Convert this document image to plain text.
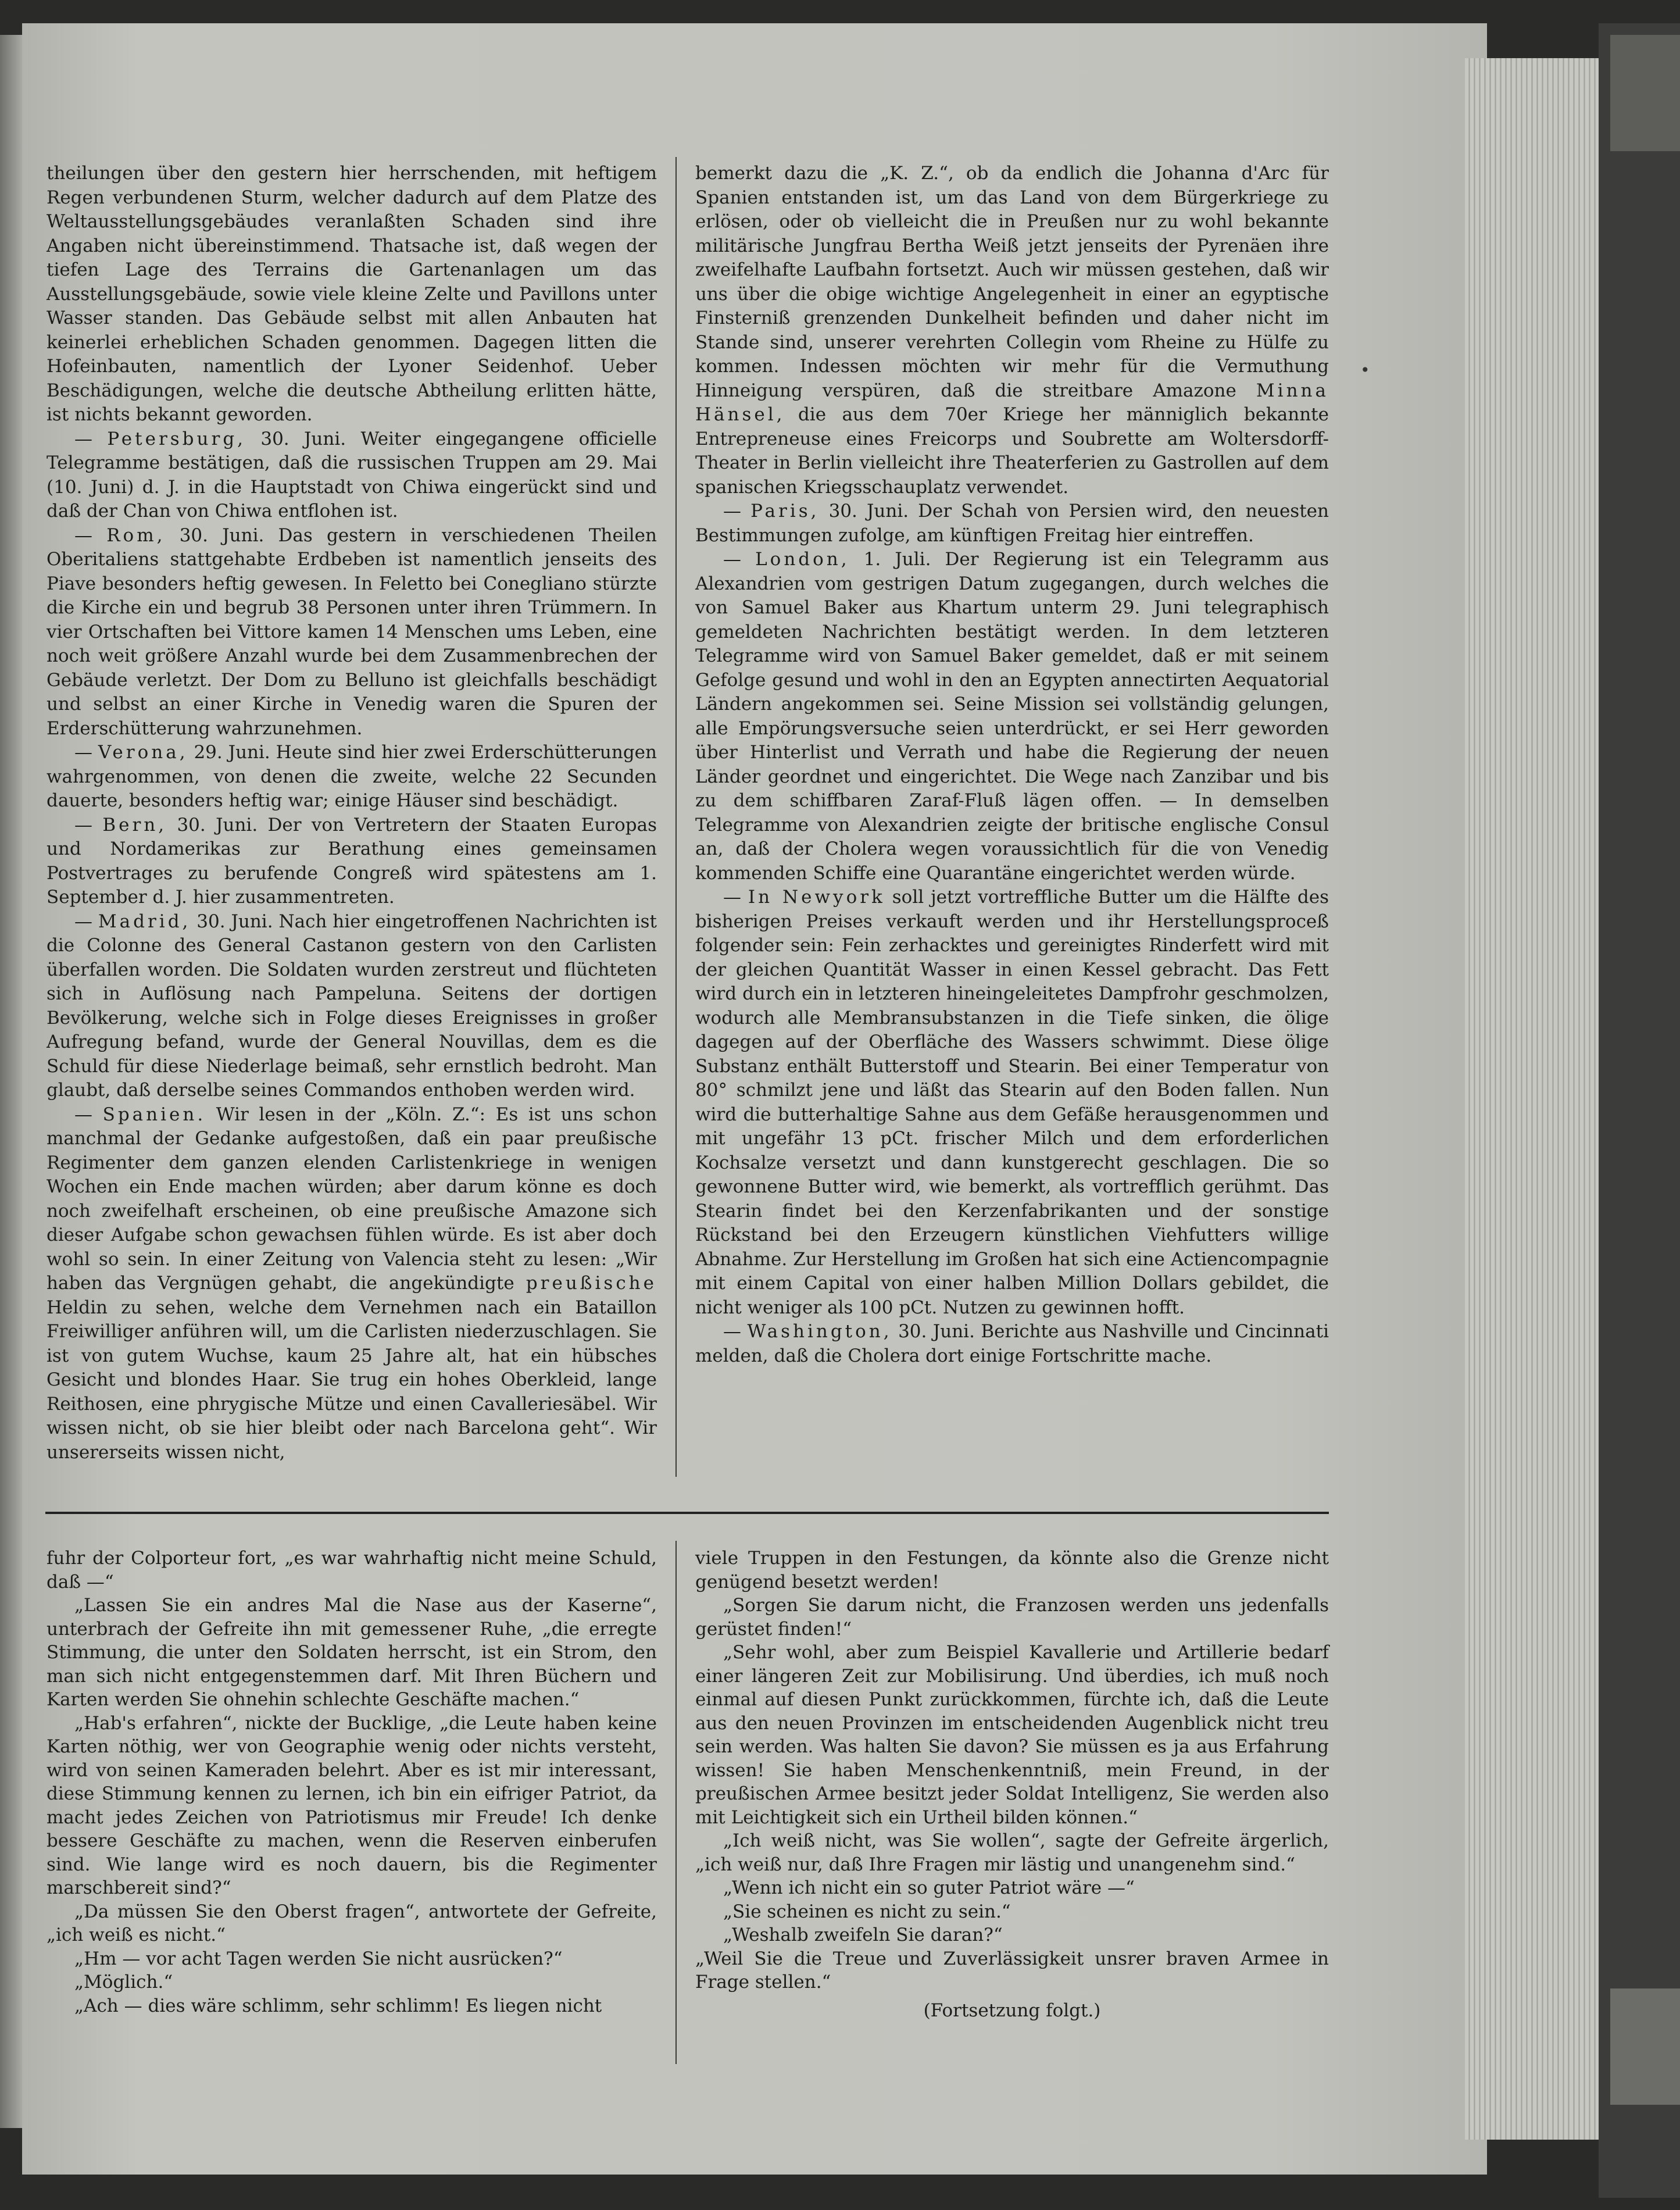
theilungen über den gestern hier herrschenden, mit heftigem Regen verbundenen Sturm, welcher dadurch auf dem Platze des Weltausstellungsgebäudes veranlaßten Schaden sind ihre Angaben nicht übereinstimmend. Thatsache ist, daß wegen der tiefen Lage des Terrains die Gartenanlagen um das Ausstellungsgebäude, sowie viele kleine Zelte und Pavillons unter Wasser standen. Das Gebäude selbst mit allen Anbauten hat keinerlei erheblichen Schaden genommen. Dagegen litten die Hofeinbauten, namentlich der Lyoner Seidenhof. Ueber Beschädigungen, welche die deutsche Abtheilung erlitten hätte, ist nichts bekannt geworden.

— Petersburg, 30. Juni. Weiter eingegangene officielle Telegramme bestätigen, daß die russischen Truppen am 29. Mai (10. Juni) d. J. in die Hauptstadt von Chiwa eingerückt sind und daß der Chan von Chiwa entflohen ist.

— Rom, 30. Juni. Das gestern in verschiedenen Theilen Oberitaliens stattgehabte Erdbeben ist namentlich jenseits des Piave besonders heftig gewesen. In Feletto bei Conegliano stürzte die Kirche ein und begrub 38 Personen unter ihren Trümmern. In vier Ortschaften bei Vittore kamen 14 Menschen ums Leben, eine noch weit größere Anzahl wurde bei dem Zusammenbrechen der Gebäude verletzt. Der Dom zu Belluno ist gleichfalls beschädigt und selbst an einer Kirche in Venedig waren die Spuren der Erderschütterung wahrzunehmen.

— Verona, 29. Juni. Heute sind hier zwei Erderschütterungen wahrgenommen, von denen die zweite, welche 22 Secunden dauerte, besonders heftig war; einige Häuser sind beschädigt.

— Bern, 30. Juni. Der von Vertretern der Staaten Europas und Nordamerikas zur Berathung eines gemeinsamen Postvertrages zu berufende Congreß wird spätestens am 1. September d. J. hier zusammentreten.

— Madrid, 30. Juni. Nach hier eingetroffenen Nachrichten ist die Colonne des General Castanon gestern von den Carlisten überfallen worden. Die Soldaten wurden zerstreut und flüchteten sich in Auflösung nach Pampeluna. Seitens der dortigen Bevölkerung, welche sich in Folge dieses Ereignisses in großer Aufregung befand, wurde der General Nouvillas, dem es die Schuld für diese Niederlage beimaß, sehr ernstlich bedroht. Man glaubt, daß derselbe seines Commandos enthoben werden wird.

— Spanien. Wir lesen in der „Köln. Z.“: Es ist uns schon manchmal der Gedanke aufgestoßen, daß ein paar preußische Regimenter dem ganzen elenden Carlistenkriege in wenigen Wochen ein Ende machen würden; aber darum könne es doch noch zweifelhaft erscheinen, ob eine preußische Amazone sich dieser Aufgabe schon gewachsen fühlen würde. Es ist aber doch wohl so sein. In einer Zeitung von Valencia steht zu lesen: „Wir haben das Vergnügen gehabt, die angekündigte preußische Heldin zu sehen, welche dem Vernehmen nach ein Bataillon Freiwilliger anführen will, um die Carlisten niederzuschlagen. Sie ist von gutem Wuchse, kaum 25 Jahre alt, hat ein hübsches Gesicht und blondes Haar. Sie trug ein hohes Oberkleid, lange Reithosen, eine phrygische Mütze und einen Cavalleriesäbel. Wir wissen nicht, ob sie hier bleibt oder nach Barcelona geht“. Wir unsererseits wissen nicht,

bemerkt dazu die „K. Z.“, ob da endlich die Johanna d'Arc für Spanien entstanden ist, um das Land von dem Bürgerkriege zu erlösen, oder ob vielleicht die in Preußen nur zu wohl bekannte militärische Jungfrau Bertha Weiß jetzt jenseits der Pyrenäen ihre zweifelhafte Laufbahn fortsetzt. Auch wir müssen gestehen, daß wir uns über die obige wichtige Angelegenheit in einer an egyptische Finsterniß grenzenden Dunkelheit befinden und daher nicht im Stande sind, unserer verehrten Collegin vom Rheine zu Hülfe zu kommen. Indessen möchten wir mehr für die Vermuthung Hinneigung verspüren, daß die streitbare Amazone Minna Hänsel, die aus dem 70er Kriege her männiglich bekannte Entrepreneuse eines Freicorps und Soubrette am Woltersdorff-Theater in Berlin vielleicht ihre Theaterferien zu Gastrollen auf dem spanischen Kriegsschauplatz verwendet.

— Paris, 30. Juni. Der Schah von Persien wird, den neuesten Bestimmungen zufolge, am künftigen Freitag hier eintreffen.

— London, 1. Juli. Der Regierung ist ein Telegramm aus Alexandrien vom gestrigen Datum zugegangen, durch welches die von Samuel Baker aus Khartum unterm 29. Juni telegraphisch gemeldeten Nachrichten bestätigt werden. In dem letzteren Telegramme wird von Samuel Baker gemeldet, daß er mit seinem Gefolge gesund und wohl in den an Egypten annectirten Aequatorial Ländern angekommen sei. Seine Mission sei vollständig gelungen, alle Empörungsversuche seien unterdrückt, er sei Herr geworden über Hinterlist und Verrath und habe die Regierung der neuen Länder geordnet und eingerichtet. Die Wege nach Zanzibar und bis zu dem schiffbaren Zaraf-Fluß lägen offen. — In demselben Telegramme von Alexandrien zeigte der britische englische Consul an, daß der Cholera wegen voraussichtlich für die von Venedig kommenden Schiffe eine Quarantäne eingerichtet werden würde.

— In Newyork soll jetzt vortreffliche Butter um die Hälfte des bisherigen Preises verkauft werden und ihr Herstellungsproceß folgender sein: Fein zerhacktes und gereinigtes Rinderfett wird mit der gleichen Quantität Wasser in einen Kessel gebracht. Das Fett wird durch ein in letzteren hineingeleitetes Dampfrohr geschmolzen, wodurch alle Membransubstanzen in die Tiefe sinken, die ölige dagegen auf der Oberfläche des Wassers schwimmt. Diese ölige Substanz enthält Butterstoff und Stearin. Bei einer Temperatur von 80° schmilzt jene und läßt das Stearin auf den Boden fallen. Nun wird die butterhaltige Sahne aus dem Gefäße herausgenommen und mit ungefähr 13 pCt. frischer Milch und dem erforderlichen Kochsalze versetzt und dann kunstgerecht geschlagen. Die so gewonnene Butter wird, wie bemerkt, als vortrefflich gerühmt. Das Stearin findet bei den Kerzenfabrikanten und der sonstige Rückstand bei den Erzeugern künstlichen Viehfutters willige Abnahme. Zur Herstellung im Großen hat sich eine Actiencompagnie mit einem Capital von einer halben Million Dollars gebildet, die nicht weniger als 100 pCt. Nutzen zu gewinnen hofft.

— Washington, 30. Juni. Berichte aus Nashville und Cincinnati melden, daß die Cholera dort einige Fortschritte mache.

•

fuhr der Colporteur fort, „es war wahrhaftig nicht meine Schuld, daß —“

„Lassen Sie ein andres Mal die Nase aus der Kaserne“, unterbrach der Gefreite ihn mit gemessener Ruhe, „die erregte Stimmung, die unter den Soldaten herrscht, ist ein Strom, den man sich nicht entgegenstemmen darf. Mit Ihren Büchern und Karten werden Sie ohnehin schlechte Geschäfte machen.“

„Hab's erfahren“, nickte der Bucklige, „die Leute haben keine Karten nöthig, wer von Geographie wenig oder nichts versteht, wird von seinen Kameraden belehrt. Aber es ist mir interessant, diese Stimmung kennen zu lernen, ich bin ein eifriger Patriot, da macht jedes Zeichen von Patriotismus mir Freude! Ich denke bessere Geschäfte zu machen, wenn die Reserven einberufen sind. Wie lange wird es noch dauern, bis die Regimenter marschbereit sind?“

„Da müssen Sie den Oberst fragen“, antwortete der Gefreite, „ich weiß es nicht.“

„Hm — vor acht Tagen werden Sie nicht ausrücken?“

„Möglich.“

„Ach — dies wäre schlimm, sehr schlimm! Es liegen nicht

viele Truppen in den Festungen, da könnte also die Grenze nicht genügend besetzt werden!

„Sorgen Sie darum nicht, die Franzosen werden uns jedenfalls gerüstet finden!“

„Sehr wohl, aber zum Beispiel Kavallerie und Artillerie bedarf einer längeren Zeit zur Mobilisirung. Und überdies, ich muß noch einmal auf diesen Punkt zurückkommen, fürchte ich, daß die Leute aus den neuen Provinzen im entscheidenden Augenblick nicht treu sein werden. Was halten Sie davon? Sie müssen es ja aus Erfahrung wissen! Sie haben Menschenkenntniß, mein Freund, in der preußischen Armee besitzt jeder Soldat Intelligenz, Sie werden also mit Leichtigkeit sich ein Urtheil bilden können.“

„Ich weiß nicht, was Sie wollen“, sagte der Gefreite ärgerlich, „ich weiß nur, daß Ihre Fragen mir lästig und unangenehm sind.“

„Wenn ich nicht ein so guter Patriot wäre —“

„Sie scheinen es nicht zu sein.“

„Weshalb zweifeln Sie daran?“

„Weil Sie die Treue und Zuverlässigkeit unsrer braven Armee in Frage stellen.“

(Fortsetzung folgt.)
